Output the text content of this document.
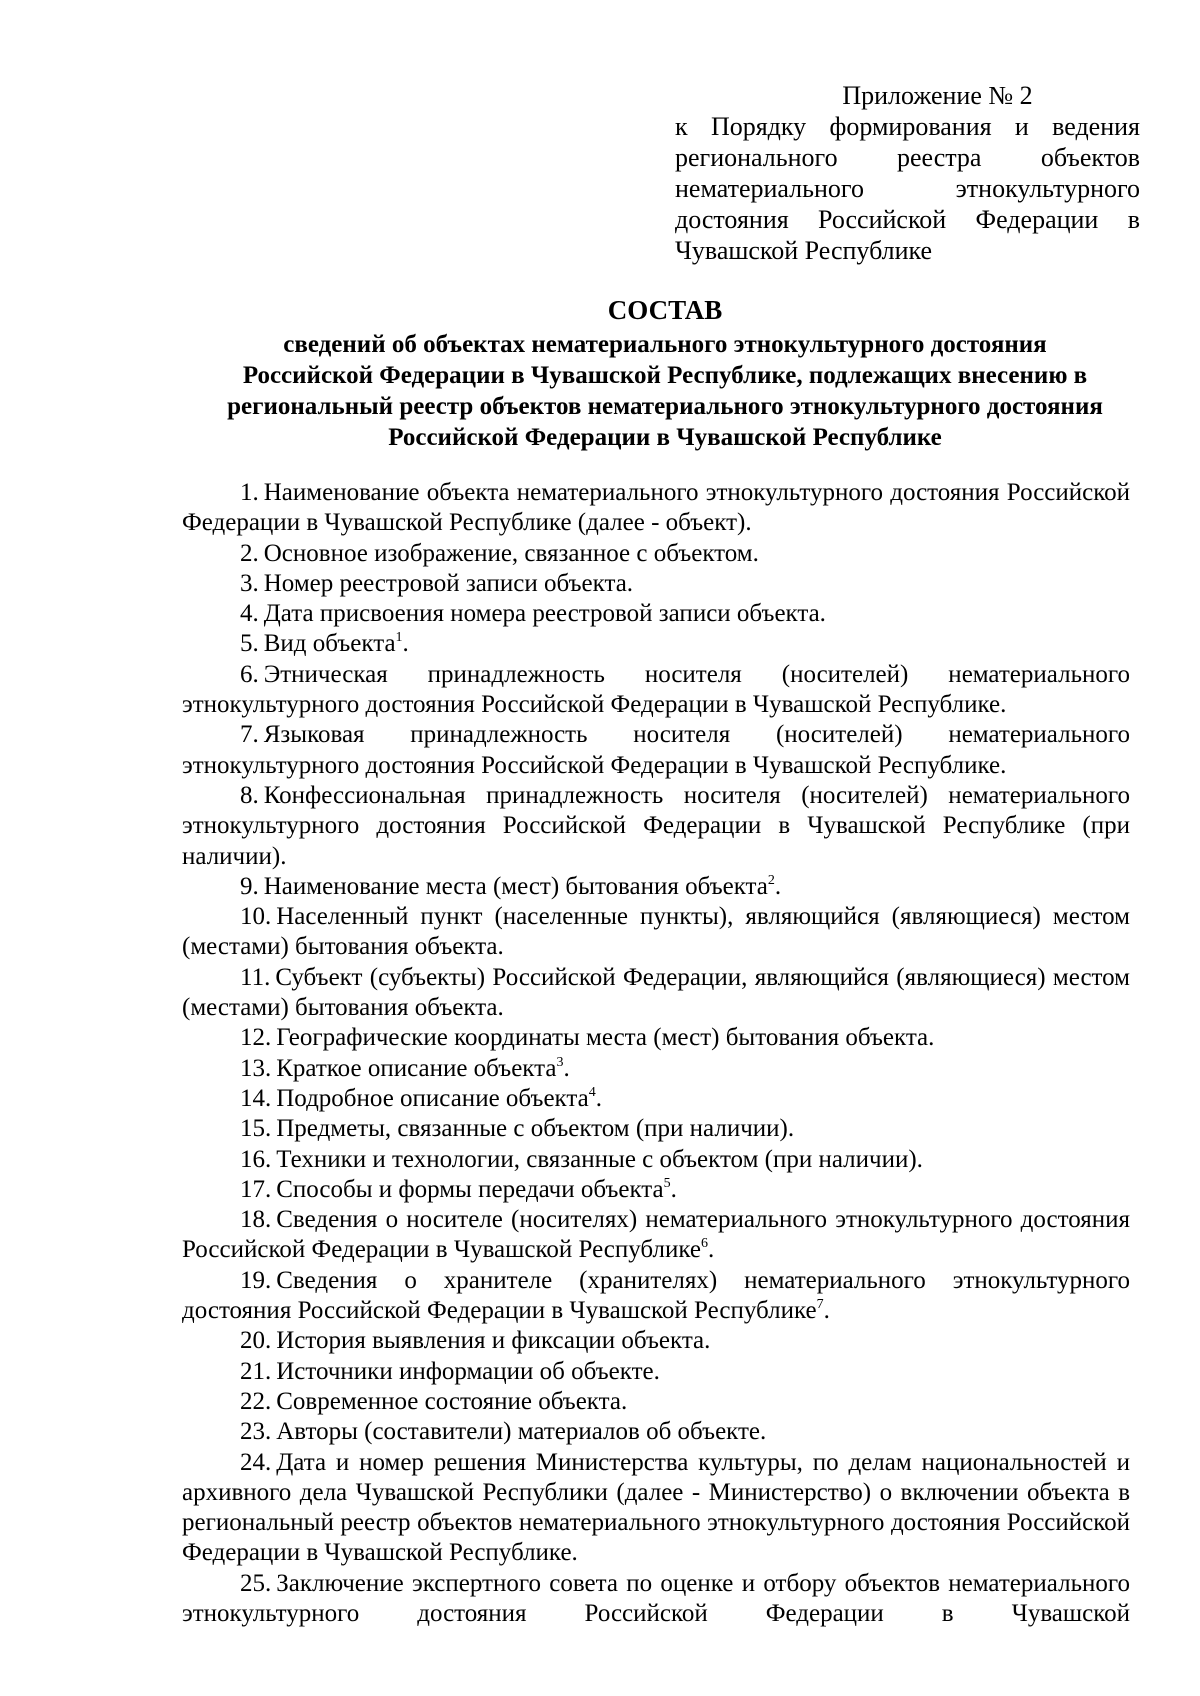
Приложение № 2
к Порядку формирования и ведения регионального реестра объектов нематериального этнокультурного достояния Российской Федерации в Чувашской Республике
СОСТАВ
сведений об объектах нематериального этнокультурного достояния
Российской Федерации в Чувашской Республике, подлежащих внесению в
региональный реестр объектов нематериального этнокультурного достояния
Российской Федерации в Чувашской Республике

1. Наименование объекта нематериального этнокультурного достояния Российской Федерации в Чувашской Республике (далее - объект).

2. Основное изображение, связанное с объектом.

3. Номер реестровой записи объекта.

4. Дата присвоения номера реестровой записи объекта.

5. Вид объекта$^1$.

6. Этническая принадлежность носителя (носителей) нематериального этнокультурного достояния Российской Федерации в Чувашской Республике.

7. Языковая принадлежность носителя (носителей) нематериального этнокультурного достояния Российской Федерации в Чувашской Республике.

8. Конфессиональная принадлежность носителя (носителей) нематериального этнокультурного достояния Российской Федерации в Чувашской Республике (при наличии).

9. Наименование места (мест) бытования объекта$^2$.

10. Населенный пункт (населенные пункты), являющийся (являющиеся) местом (местами) бытования объекта.

11. Субъект (субъекты) Российской Федерации, являющийся (являющиеся) местом (местами) бытования объекта.

12. Географические координаты места (мест) бытования объекта.

13. Краткое описание объекта$^3$.

14. Подробное описание объекта$^4$.

15. Предметы, связанные с объектом (при наличии).

16. Техники и технологии, связанные с объектом (при наличии).

17. Способы и формы передачи объекта$^5$.

18. Сведения о носителе (носителях) нематериального этнокультурного достояния Российской Федерации в Чувашской Республике$^6$.

19. Сведения о хранителе (хранителях) нематериального этнокультурного достояния Российской Федерации в Чувашской Республике$^7$.

20. История выявления и фиксации объекта.

21. Источники информации об объекте.

22. Современное состояние объекта.

23. Авторы (составители) материалов об объекте.

24. Дата и номер решения Министерства культуры, по делам национальностей и архивного дела Чувашской Республики (далее - Министерство) о включении объекта в региональный реестр объектов нематериального этнокультурного достояния Российской Федерации в Чувашской Республике.

25. Заключение экспертного совета по оценке и отбору объектов нематериального этнокультурного достояния Российской Федерации в Чувашской
